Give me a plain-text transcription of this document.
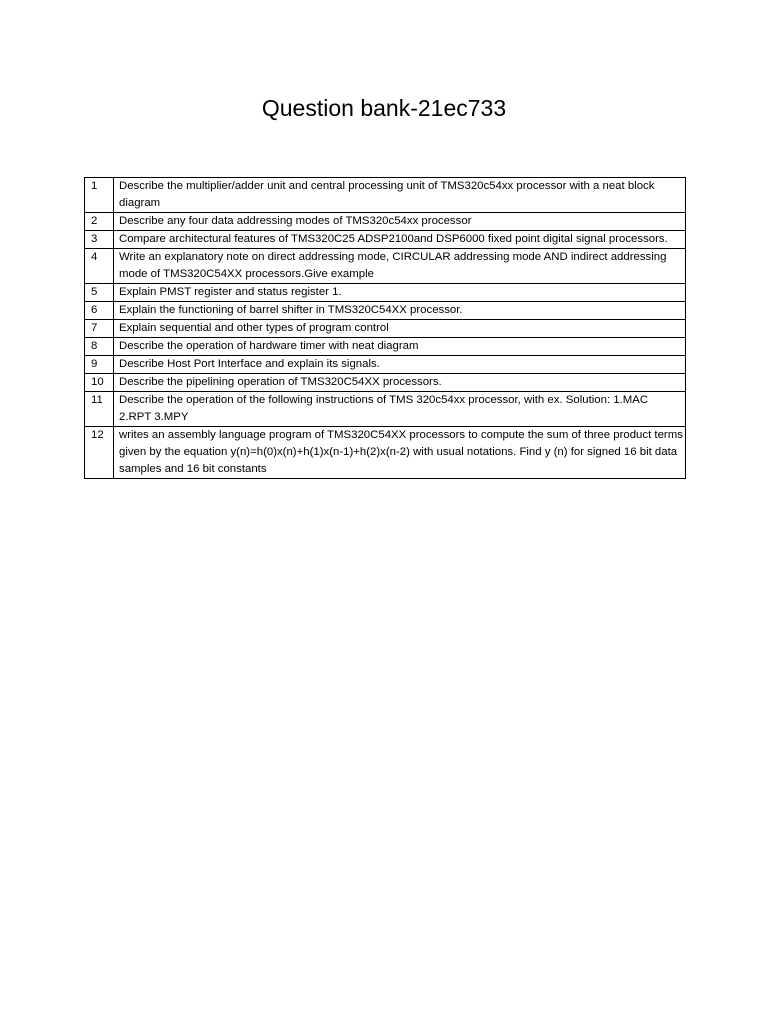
Question bank-21ec733
1	Describe the multiplier/adder unit and central processing unit of TMS320c54xx processor with a neat block diagram
2	Describe any four data addressing modes of TMS320c54xx processor
3	Compare architectural features of TMS320C25 ADSP2100and DSP6000 fixed point digital signal processors.
4	Write an explanatory note on direct addressing mode, CIRCULAR addressing mode AND indirect addressing mode of TMS320C54XX processors.Give example
5	Explain PMST register and status register 1.
6	Explain the functioning of barrel shifter in TMS320C54XX processor.
7	Explain sequential and other types of program control
8	Describe the operation of hardware timer with neat diagram
9	Describe Host Port Interface and explain its signals.
10	Describe the pipelining operation of TMS320C54XX processors.
11	Describe the operation of the following instructions of TMS 320c54xx processor, with ex. Solution: 1.MAC 2.RPT 3.MPY
12	writes an assembly language program of TMS320C54XX processors to compute the sum of three product terms given by the equation y(n)=h(0)x(n)+h(1)x(n-1)+h(2)x(n-2) with usual notations. Find y (n) for signed 16 bit data samples and 16 bit constants
